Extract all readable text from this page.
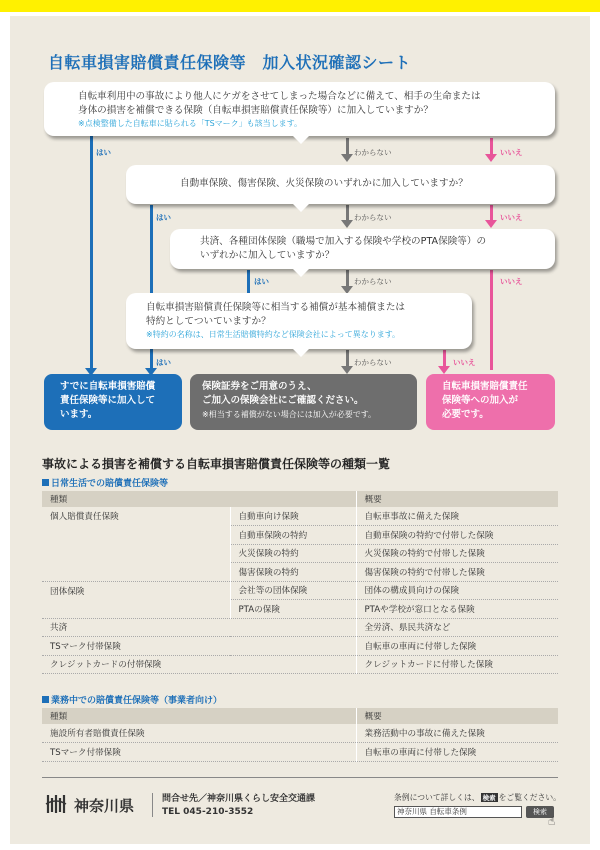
自転車損害賠償責任保険等　加入状況確認シート
はい
はい
はい
はい
わからない
わからない
わからない
わからない
いいえ
いいえ
いいえ
いいえ
自転車利用中の事故により他人にケガをさせてしまった場合などに備えて、相手の生命または
身体の損害を補償できる保険（自転車損害賠償責任保険等）に加入していますか？
※点検整備した自転車に貼られる「TSマーク」も該当します。
自動車保険、傷害保険、火災保険のいずれかに加入していますか？
共済、各種団体保険（職場で加入する保険や学校のPTA保険等）の
いずれかに加入していますか？
自転車損害賠償責任保険等に相当する補償が基本補償または
特約としてついていますか？
※特約の名称は、日常生活賠償特約など保険会社によって異なります。
すでに自転車損害賠償
責任保険等に加入して
います。
保険証券をご用意のうえ、
ご加入の保険会社にご確認ください。
※相当する補償がない場合には加入が必要です。
自転車損害賠償責任
保険等への加入が
必要です。
事故による損害を補償する自転車損害賠償責任保険等の種類一覧
日常生活での賠償責任保険等
種類		概要
個人賠償責任保険	自動車向け保険	自転車事故に備えた保険
	自動車保険の特約	自動車保険の特約で付帯した保険
	火災保険の特約	火災保険の特約で付帯した保険
	傷害保険の特約	傷害保険の特約で付帯した保険
団体保険	会社等の団体保険	団体の構成員向けの保険
	PTAの保険	PTAや学校が窓口となる保険
共済		全労済、県民共済など
TSマーク付帯保険		自転車の車両に付帯した保険
クレジットカードの付帯保険		クレジットカードに付帯した保険
業務中での賠償責任保険等（事業者向け）
種類	概要
施設所有者賠償責任保険	業務活動中の事故に備えた保険
TSマーク付帯保険	自転車の車両に付帯した保険
神奈川県	問合せ先／神奈川県くらし安全交通課
TEL 045-210-3552
条例について詳しくは、 検索 をご覧ください。
神奈川県 自転車条例	検索
☝
